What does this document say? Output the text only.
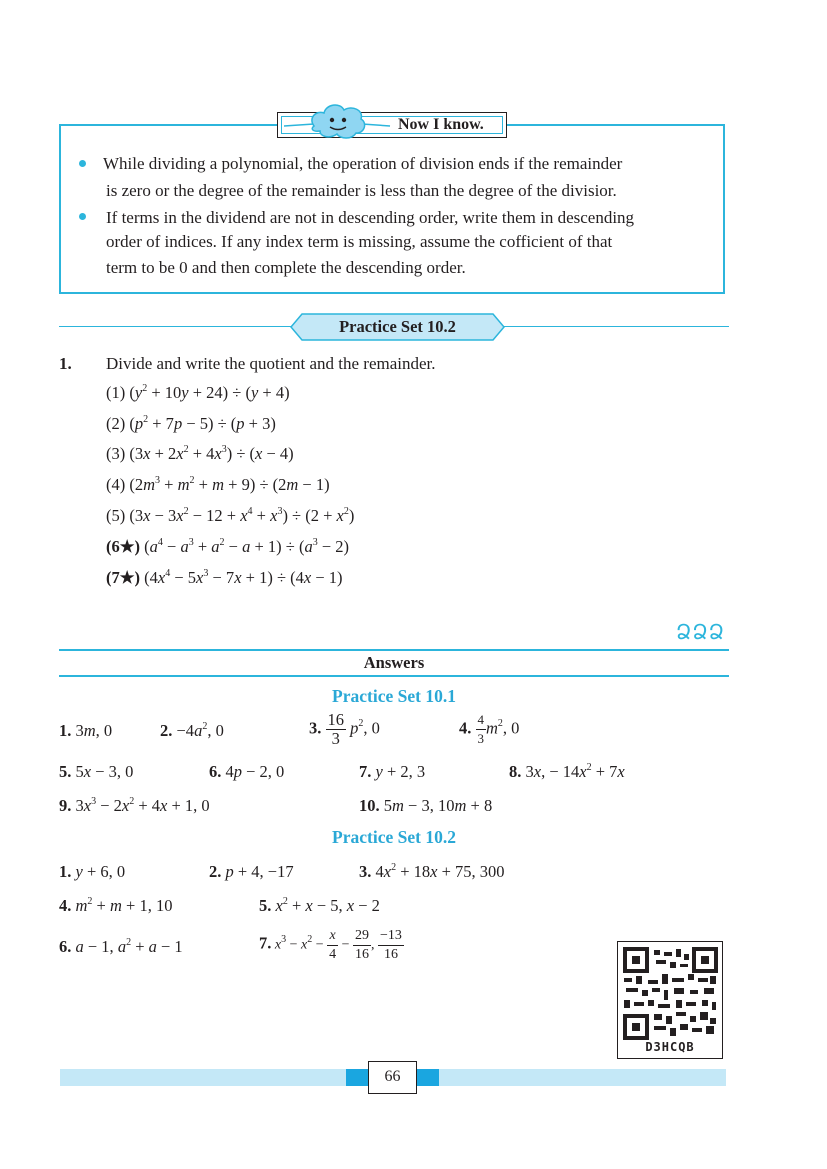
Now I know.
While dividing a polynomial, the operation of division ends if the remainder
is zero or the degree of the remainder is less than the degree of the divisior.
If terms in the dividend are not in descending order, write them in descending
order of indices. If any index term is missing, assume the cofficient of that
term to be 0 and then complete the descending order.
Practice Set 10.2
1. Divide and write the quotient and the remainder.
(1) $(y^2 + 10y + 24) \div (y + 4)$
(2) $(p^2 + 7p - 5) \div (p + 3)$
(3) $(3x + 2x^2 + 4x^3) \div (x - 4)$
(4) $(2m^3 + m^2 + m + 9) \div (2m - 1)$
(5) $(3x - 3x^2 - 12 + x^4 + x^3) \div (2 + x^2)$
(6★) $(a^4 - a^3 + a^2 - a + 1) \div (a^3 - 2)$
(7★) $(4x^4 - 5x^3 - 7x + 1) \div (4x - 1)$
ՁՁՁ
Answers
Practice Set 10.1
1. 3m, 0	2. $-4a^2$, 0	3. $\frac{16}{3} p^2$, 0	4. $\frac{4}{3} m^2$, 0
5. 5x − 3, 0	6. 4p − 2, 0	7. y + 2, 3	8. 3x, − $14x^2 + 7x$
9. $3x^3 - 2x^2 + 4x + 1$, 0	10. 5m − 3, 10m + 8
Practice Set 10.2
1. y + 6, 0	2. p + 4, −17	3. $4x^2 + 18x + 75$, 300
4. $m^2 + m + 1$, 10	5. $x^2 + x - 5$, x − 2
6. a − 1, $a^2 + a - 1$	7. $x^3 - x^2 - \frac{x}{4} - \frac{29}{16}$ , $\frac{-13}{16}$
D3HCQB
66
